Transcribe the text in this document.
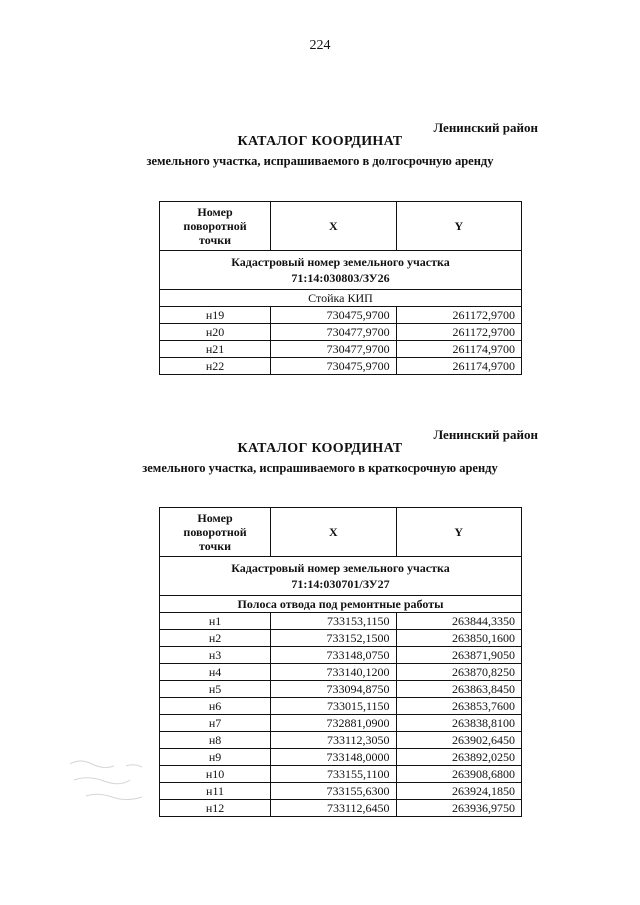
224
Ленинский район
КАТАЛОГ КООРДИНАТ
земельного участка, испрашиваемого в долгосрочную аренду
Номер поворотной точки	X	Y

Кадастровый номер земельного участка
71:14:030803/ЗУ26		

Стойка КИП		
н19	730475,9700	261172,9700
н20	730477,9700	261172,9700
н21	730477,9700	261174,9700
н22	730475,9700	261174,9700
Ленинский район
КАТАЛОГ КООРДИНАТ
земельного участка, испрашиваемого в краткосрочную аренду
Номер поворотной точки	X	Y

Кадастровый номер земельного участка
71:14:030701/ЗУ27		

Полоса отвода под ремонтные работы		
н1	733153,1150	263844,3350
н2	733152,1500	263850,1600
н3	733148,0750	263871,9050
н4	733140,1200	263870,8250
н5	733094,8750	263863,8450
н6	733015,1150	263853,7600
н7	732881,0900	263838,8100
н8	733112,3050	263902,6450
н9	733148,0000	263892,0250
н10	733155,1100	263908,6800
н11	733155,6300	263924,1850
н12	733112,6450	263936,9750
